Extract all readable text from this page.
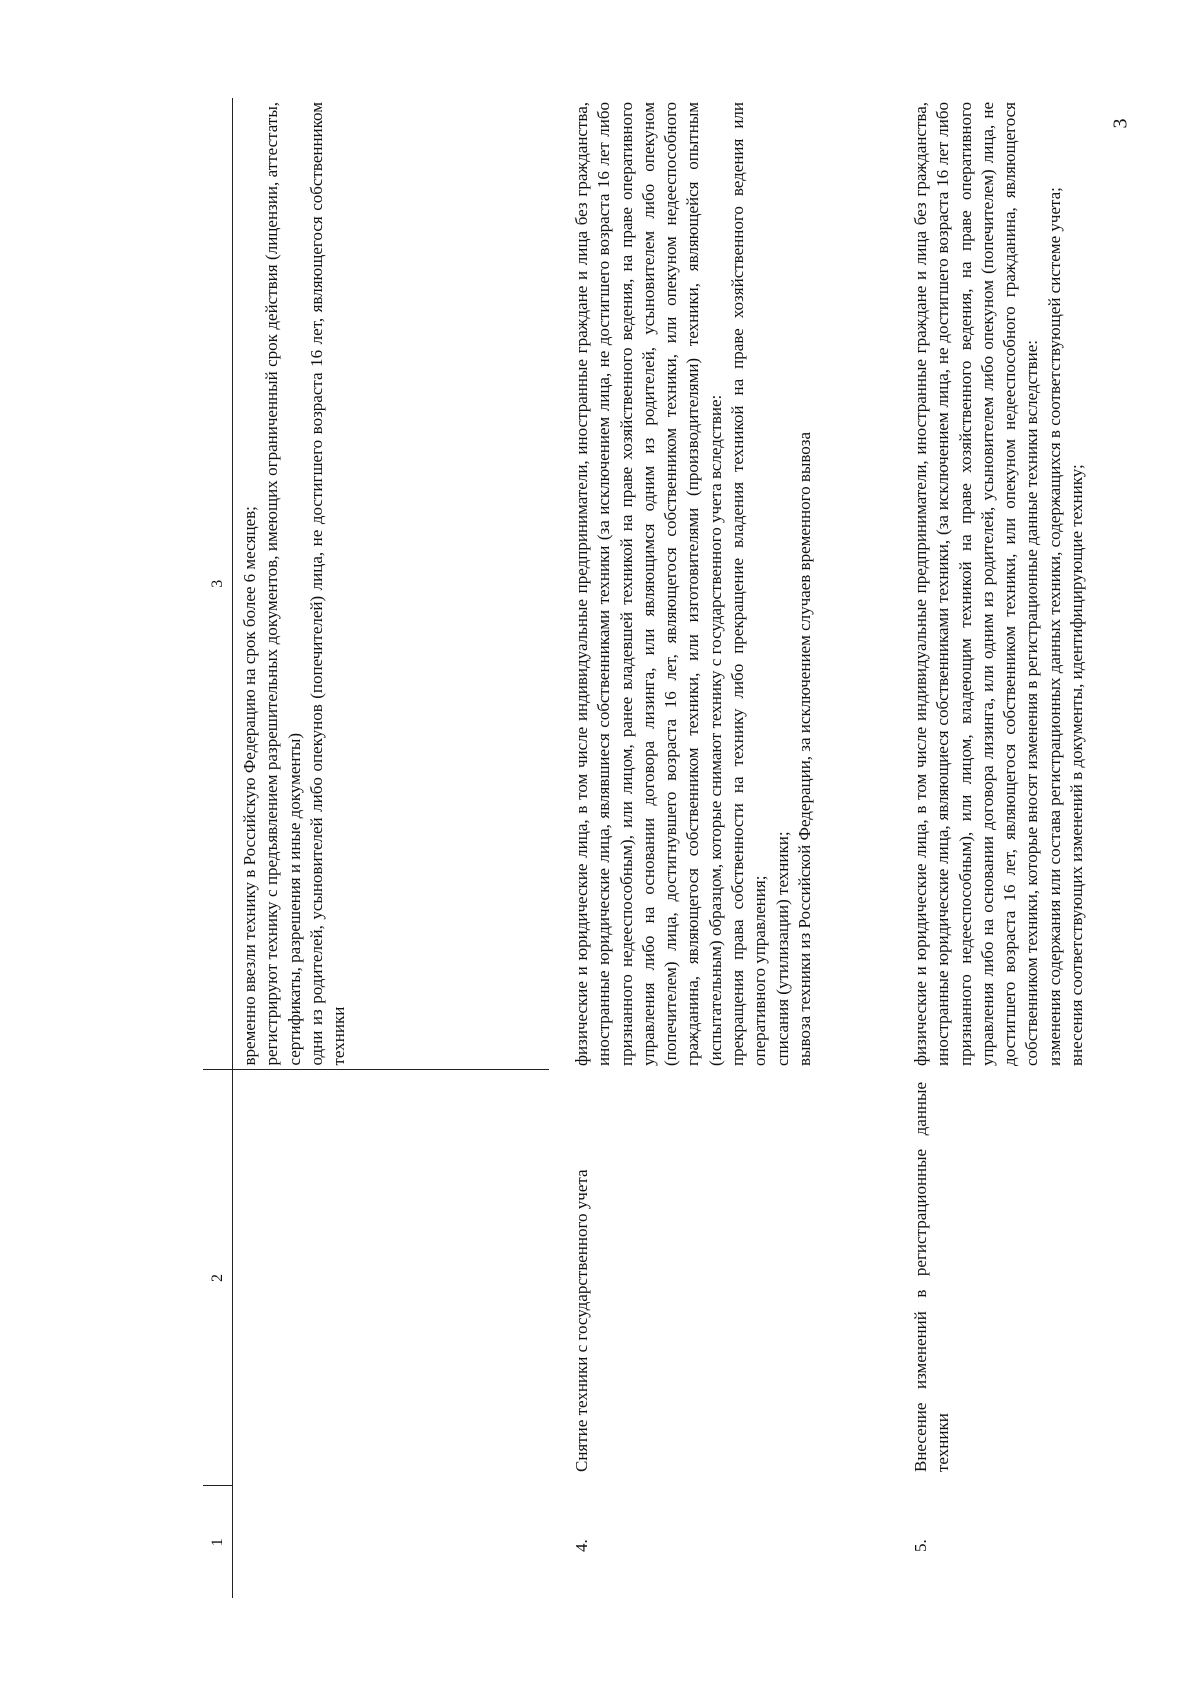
3
1	2	3

		временно ввезли технику в Российскую Федерацию на срок более 6 месяцев; регистрируют технику с предъявлением разрешительных документов, имеющих ограниченный срок действия (лицензии, аттестаты, сертификаты, разрешения и иные документы) одни из родителей, усыновителей либо опекунов (попечителей) лица, не достигшего возраста 16 лет, являющегося собственником техники

4.	Снятие техники с государственного учета	физические и юридические лица, в том числе индивидуальные предприниматели, иностранные граждане и лица без гражданства, иностранные юридические лица, являвшиеся собственниками техники (за исключением лица, не достигшего возраста 16 лет либо признанного недееспособным), или лицом, ранее владевшей техникой на праве хозяйственного ведения, на праве оперативного управления либо на основании договора лизинга, или являющимся одним из родителей, усыновителем либо опекуном (попечителем) лица, достигнувшего возраста 16 лет, являющегося собственником техники, или опекуном недееспособного гражданина, являющегося собственником техники, или изготовителями (производителями) техники, являющейся опытным (испытательным) образцом, которые снимают технику с государственного учета вследствие: прекращения права собственности на технику либо прекращение владения техникой на праве хозяйственного ведения или оперативного управления; списания (утилизации) техники; вывоза техники из Российской Федерации, за исключением случаев временного вывоза

5.	Внесение изменений в регистрационные данные техники	физические и юридические лица, в том числе индивидуальные предприниматели, иностранные граждане и лица без гражданства, иностранные юридические лица, являющиеся собственниками техники, (за исключением лица, не достигшего возраста 16 лет либо признанного недееспособным), или лицом, владеющим техникой на праве хозяйственного ведения, на праве оперативного управления либо на основании договора лизинга, или одним из родителей, усыновителем либо опекуном (попечителем) лица, не достигшего возраста 16 лет, являющегося собственником техники, или опекуном недееспособного гражданина, являющегося собственником техники, которые вносят изменения в регистрационные данные техники вследствие: изменения содержания или состава регистрационных данных техники, содержащихся в соответствующей системе учета; внесения соответствующих изменений в документы, идентифицирующие технику;
